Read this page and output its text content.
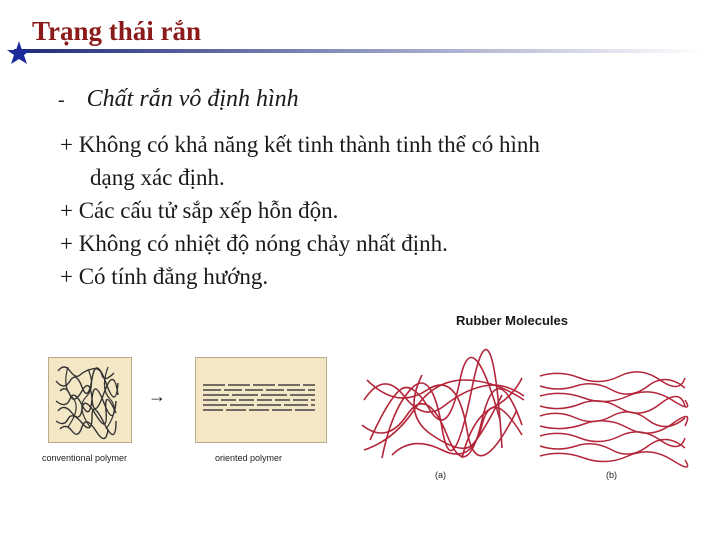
Trạng thái rắn
- Chất rắn vô định hình
+ Không có khả năng kết tinh thành tinh thể có hình
dạng xác định.
+ Các cấu tử sắp xếp hỗn độn.
+ Không có nhiệt độ nóng chảy nhất định.
+ Có tính đẳng hướng.
Rubber Molecules
conventional polymer
→
oriented polymer
(a)	(b)
